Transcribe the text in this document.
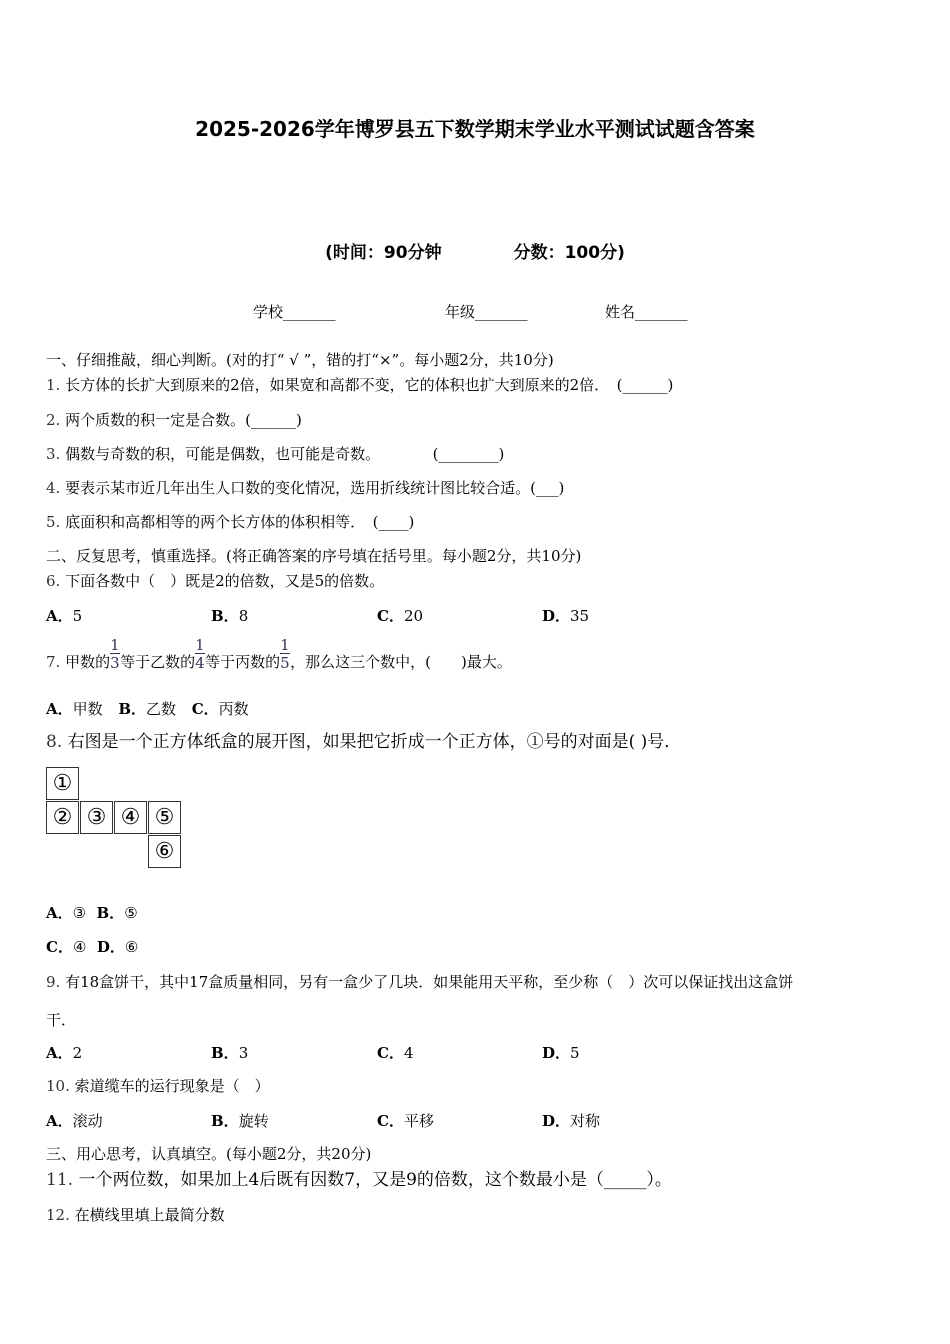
2025-2026学年博罗县五下数学期末学业水平测试试题含答案
(时间：90分钟	分数：100分)
学校_______	年级_______	姓名_______
一、仔细推敲，细心判断。(对的打“ √ ”，错的打“×”。每小题2分，共10分)
1. 长方体的长扩大到原来的2倍，如果宽和高都不变，它的体积也扩大到原来的2倍．　(______)
2. 两个质数的积一定是合数。(______)
3. 偶数与奇数的积，可能是偶数，也可能是奇数。　　　　(________)
4. 要表示某市近几年出生人口数的变化情况，选用折线统计图比较合适。(___)
5. 底面积和高都相等的两个长方体的体积相等．　(____)
二、反复思考，慎重选择。(将正确答案的序号填在括号里。每小题2分，共10分)
6. 下面各数中（　）既是2的倍数，又是5的倍数。
A．5	B．8	C．20	D．35
7. 甲数的 $\frac{1}{3}$ 等于乙数的 $\frac{1}{4}$ 等于丙数的 $\frac{1}{5}$ ，那么这三个数中，(　　)最大。
A．甲数 B．乙数 C．丙数
8. 右图是一个正方体纸盒的展开图，如果把它折成一个正方体，①号的对面是( )号．
①
② ③ ④ ⑤
⑥
A．③ B．⑤
C．④ D．⑥
9. 有18盒饼干，其中17盒质量相同，另有一盒少了几块．如果能用天平称，至少称（　）次可以保证找出这盒饼
干．
A．2	B．3	C．4	D．5
10. 索道缆车的运行现象是（　）
A．滚动	B．旋转	C．平移	D．对称
三、用心思考，认真填空。(每小题2分，共20分)
11. 一个两位数，如果加上4后既有因数7，又是9的倍数，这个数最小是（_____）。
12. 在横线里填上最简分数
